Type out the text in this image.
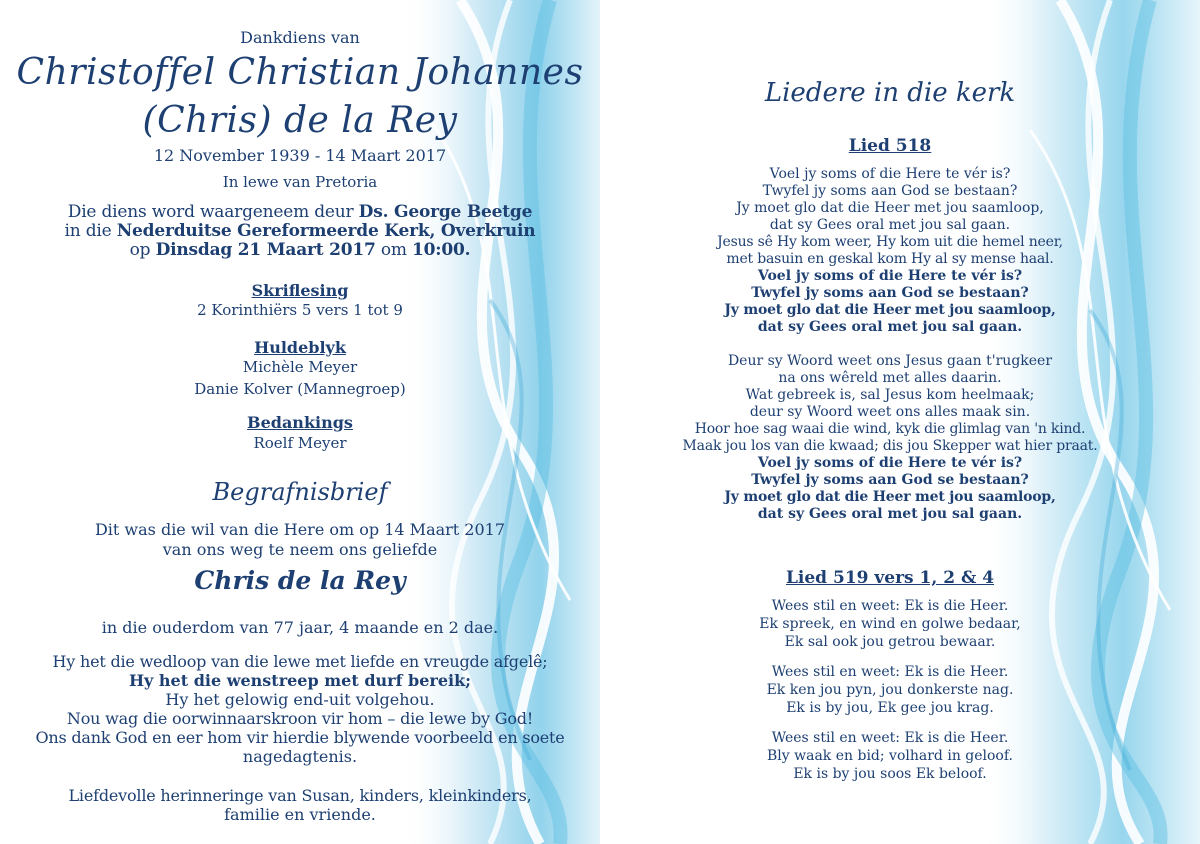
Dankdiens van
Christoffel Christian Johannes
(Chris) de la Rey
12 November 1939 - 14 Maart 2017
In lewe van Pretoria
Die diens word waargeneem deur Ds. George Beetge
in die Nederduitse Gereformeerde Kerk, Overkruin
op Dinsdag 21 Maart 2017 om 10:00.
Skriflesing
2 Korinthiërs 5 vers 1 tot 9
Huldeblyk
Michèle Meyer
Danie Kolver (Mannegroep)
Bedankings
Roelf Meyer
Begrafnisbrief
Dit was die wil van die Here om op 14 Maart 2017
van ons weg te neem ons geliefde
Chris de la Rey
in die ouderdom van 77 jaar, 4 maande en 2 dae.
Hy het die wedloop van die lewe met liefde en vreugde afgelê;
Hy het die wenstreep met durf bereik;
Hy het gelowig end-uit volgehou.
Nou wag die oorwinnaarskroon vir hom – die lewe by God!
Ons dank God en eer hom vir hierdie blywende voorbeeld en soete
nagedagtenis.
Liefdevolle herinneringe van Susan, kinders, kleinkinders,
familie en vriende.
Liedere in die kerk
Lied 518
Voel jy soms of die Here te vér is?
Twyfel jy soms aan God se bestaan?
Jy moet glo dat die Heer met jou saamloop,
dat sy Gees oral met jou sal gaan.
Jesus sê Hy kom weer, Hy kom uit die hemel neer,
met basuin en geskal kom Hy al sy mense haal.
Voel jy soms of die Here te vér is?
Twyfel jy soms aan God se bestaan?
Jy moet glo dat die Heer met jou saamloop,
dat sy Gees oral met jou sal gaan.
Deur sy Woord weet ons Jesus gaan t'rugkeer
na ons wêreld met alles daarin.
Wat gebreek is, sal Jesus kom heelmaak;
deur sy Woord weet ons alles maak sin.
Hoor hoe sag waai die wind, kyk die glimlag van 'n kind.
Maak jou los van die kwaad; dis jou Skepper wat hier praat.
Voel jy soms of die Here te vér is?
Twyfel jy soms aan God se bestaan?
Jy moet glo dat die Heer met jou saamloop,
dat sy Gees oral met jou sal gaan.
Lied 519 vers 1, 2 & 4
Wees stil en weet: Ek is die Heer.
Ek spreek, en wind en golwe bedaar,
Ek sal ook jou getrou bewaar.
Wees stil en weet: Ek is die Heer.
Ek ken jou pyn, jou donkerste nag.
Ek is by jou, Ek gee jou krag.
Wees stil en weet: Ek is die Heer.
Bly waak en bid; volhard in geloof.
Ek is by jou soos Ek beloof.
